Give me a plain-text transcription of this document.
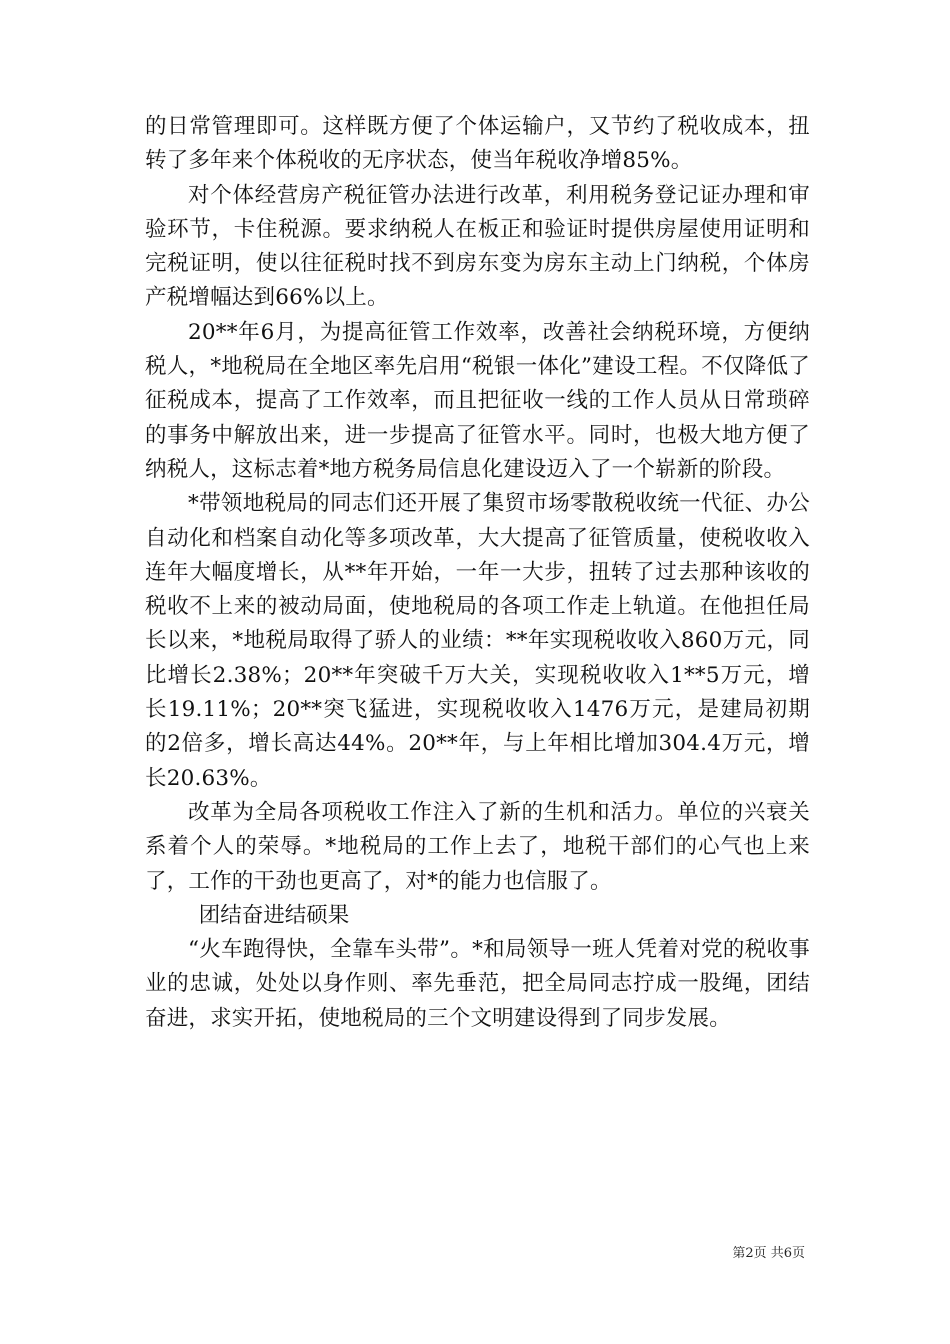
的日常管理即可。这样既方便了个体运输户，又节约了税收成本，扭转了多年来个体税收的无序状态，使当年税收净增85%。

对个体经营房产税征管办法进行改革，利用税务登记证办理和审验环节，卡住税源。要求纳税人在板正和验证时提供房屋使用证明和完税证明，使以往征税时找不到房东变为房东主动上门纳税，个体房产税增幅达到66%以上。

20**年6月，为提高征管工作效率，改善社会纳税环境，方便纳税人，*地税局在全地区率先启用“税银一体化”建设工程。不仅降低了征税成本，提高了工作效率，而且把征收一线的工作人员从日常琐碎的事务中解放出来，进一步提高了征管水平。同时，也极大地方便了纳税人，这标志着*地方税务局信息化建设迈入了一个崭新的阶段。

*带领地税局的同志们还开展了集贸市场零散税收统一代征、办公自动化和档案自动化等多项改革，大大提高了征管质量，使税收收入连年大幅度增长，从**年开始，一年一大步，扭转了过去那种该收的税收不上来的被动局面，使地税局的各项工作走上轨道。在他担任局长以来，*地税局取得了骄人的业绩：**年实现税收收入860万元，同比增长2.38%；20**年突破千万大关，实现税收收入1**5万元，增长19.11%；20**突飞猛进，实现税收收入1476万元，是建局初期的2倍多，增长高达44%。20**年，与上年相比增加304.4万元，增长20.63%。

改革为全局各项税收工作注入了新的生机和活力。单位的兴衰关系着个人的荣辱。*地税局的工作上去了，地税干部们的心气也上来了，工作的干劲也更高了，对*的能力也信服了。

团结奋进结硕果

“火车跑得快，全靠车头带”。*和局领导一班人凭着对党的税收事业的忠诚，处处以身作则、率先垂范，把全局同志拧成一股绳，团结奋进，求实开拓，使地税局的三个文明建设得到了同步发展。

第2页 共6页
